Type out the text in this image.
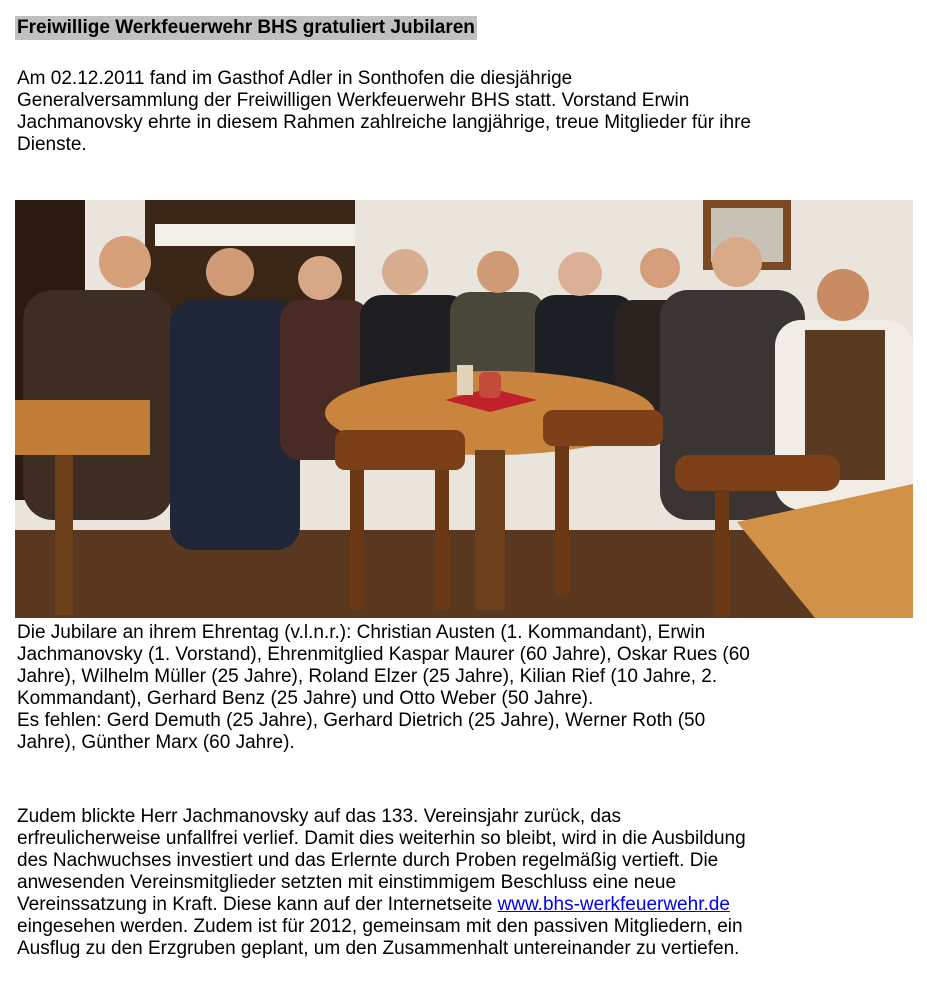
Freiwillige Werkfeuerwehr BHS gratuliert Jubilaren

Am 02.12.2011 fand im Gasthof Adler in Sonthofen die diesjährige
Generalversammlung der Freiwilligen Werkfeuerwehr BHS statt. Vorstand Erwin
Jachmanovsky ehrte in diesem Rahmen zahlreiche langjährige, treue Mitglieder für ihre
Dienste.

Die Jubilare an ihrem Ehrentag (v.l.n.r.): Christian Austen (1. Kommandant), Erwin
Jachmanovsky (1. Vorstand), Ehrenmitglied Kaspar Maurer (60 Jahre), Oskar Rues (60
Jahre), Wilhelm Müller (25 Jahre), Roland Elzer (25 Jahre), Kilian Rief (10 Jahre, 2.
Kommandant), Gerhard Benz (25 Jahre) und Otto Weber (50 Jahre).
Es fehlen: Gerd Demuth (25 Jahre), Gerhard Dietrich (25 Jahre), Werner Roth (50
Jahre), Günther Marx (60 Jahre).

Zudem blickte Herr Jachmanovsky auf das 133. Vereinsjahr zurück, das
erfreulicherweise unfallfrei verlief. Damit dies weiterhin so bleibt, wird in die Ausbildung
des Nachwuchses investiert und das Erlernte durch Proben regelmäßig vertieft. Die
anwesenden Vereinsmitglieder setzten mit einstimmigem Beschluss eine neue
Vereinssatzung in Kraft. Diese kann auf der Internetseite www.bhs-werkfeuerwehr.de
eingesehen werden. Zudem ist für 2012, gemeinsam mit den passiven Mitgliedern, ein
Ausflug zu den Erzgruben geplant, um den Zusammenhalt untereinander zu vertiefen.
